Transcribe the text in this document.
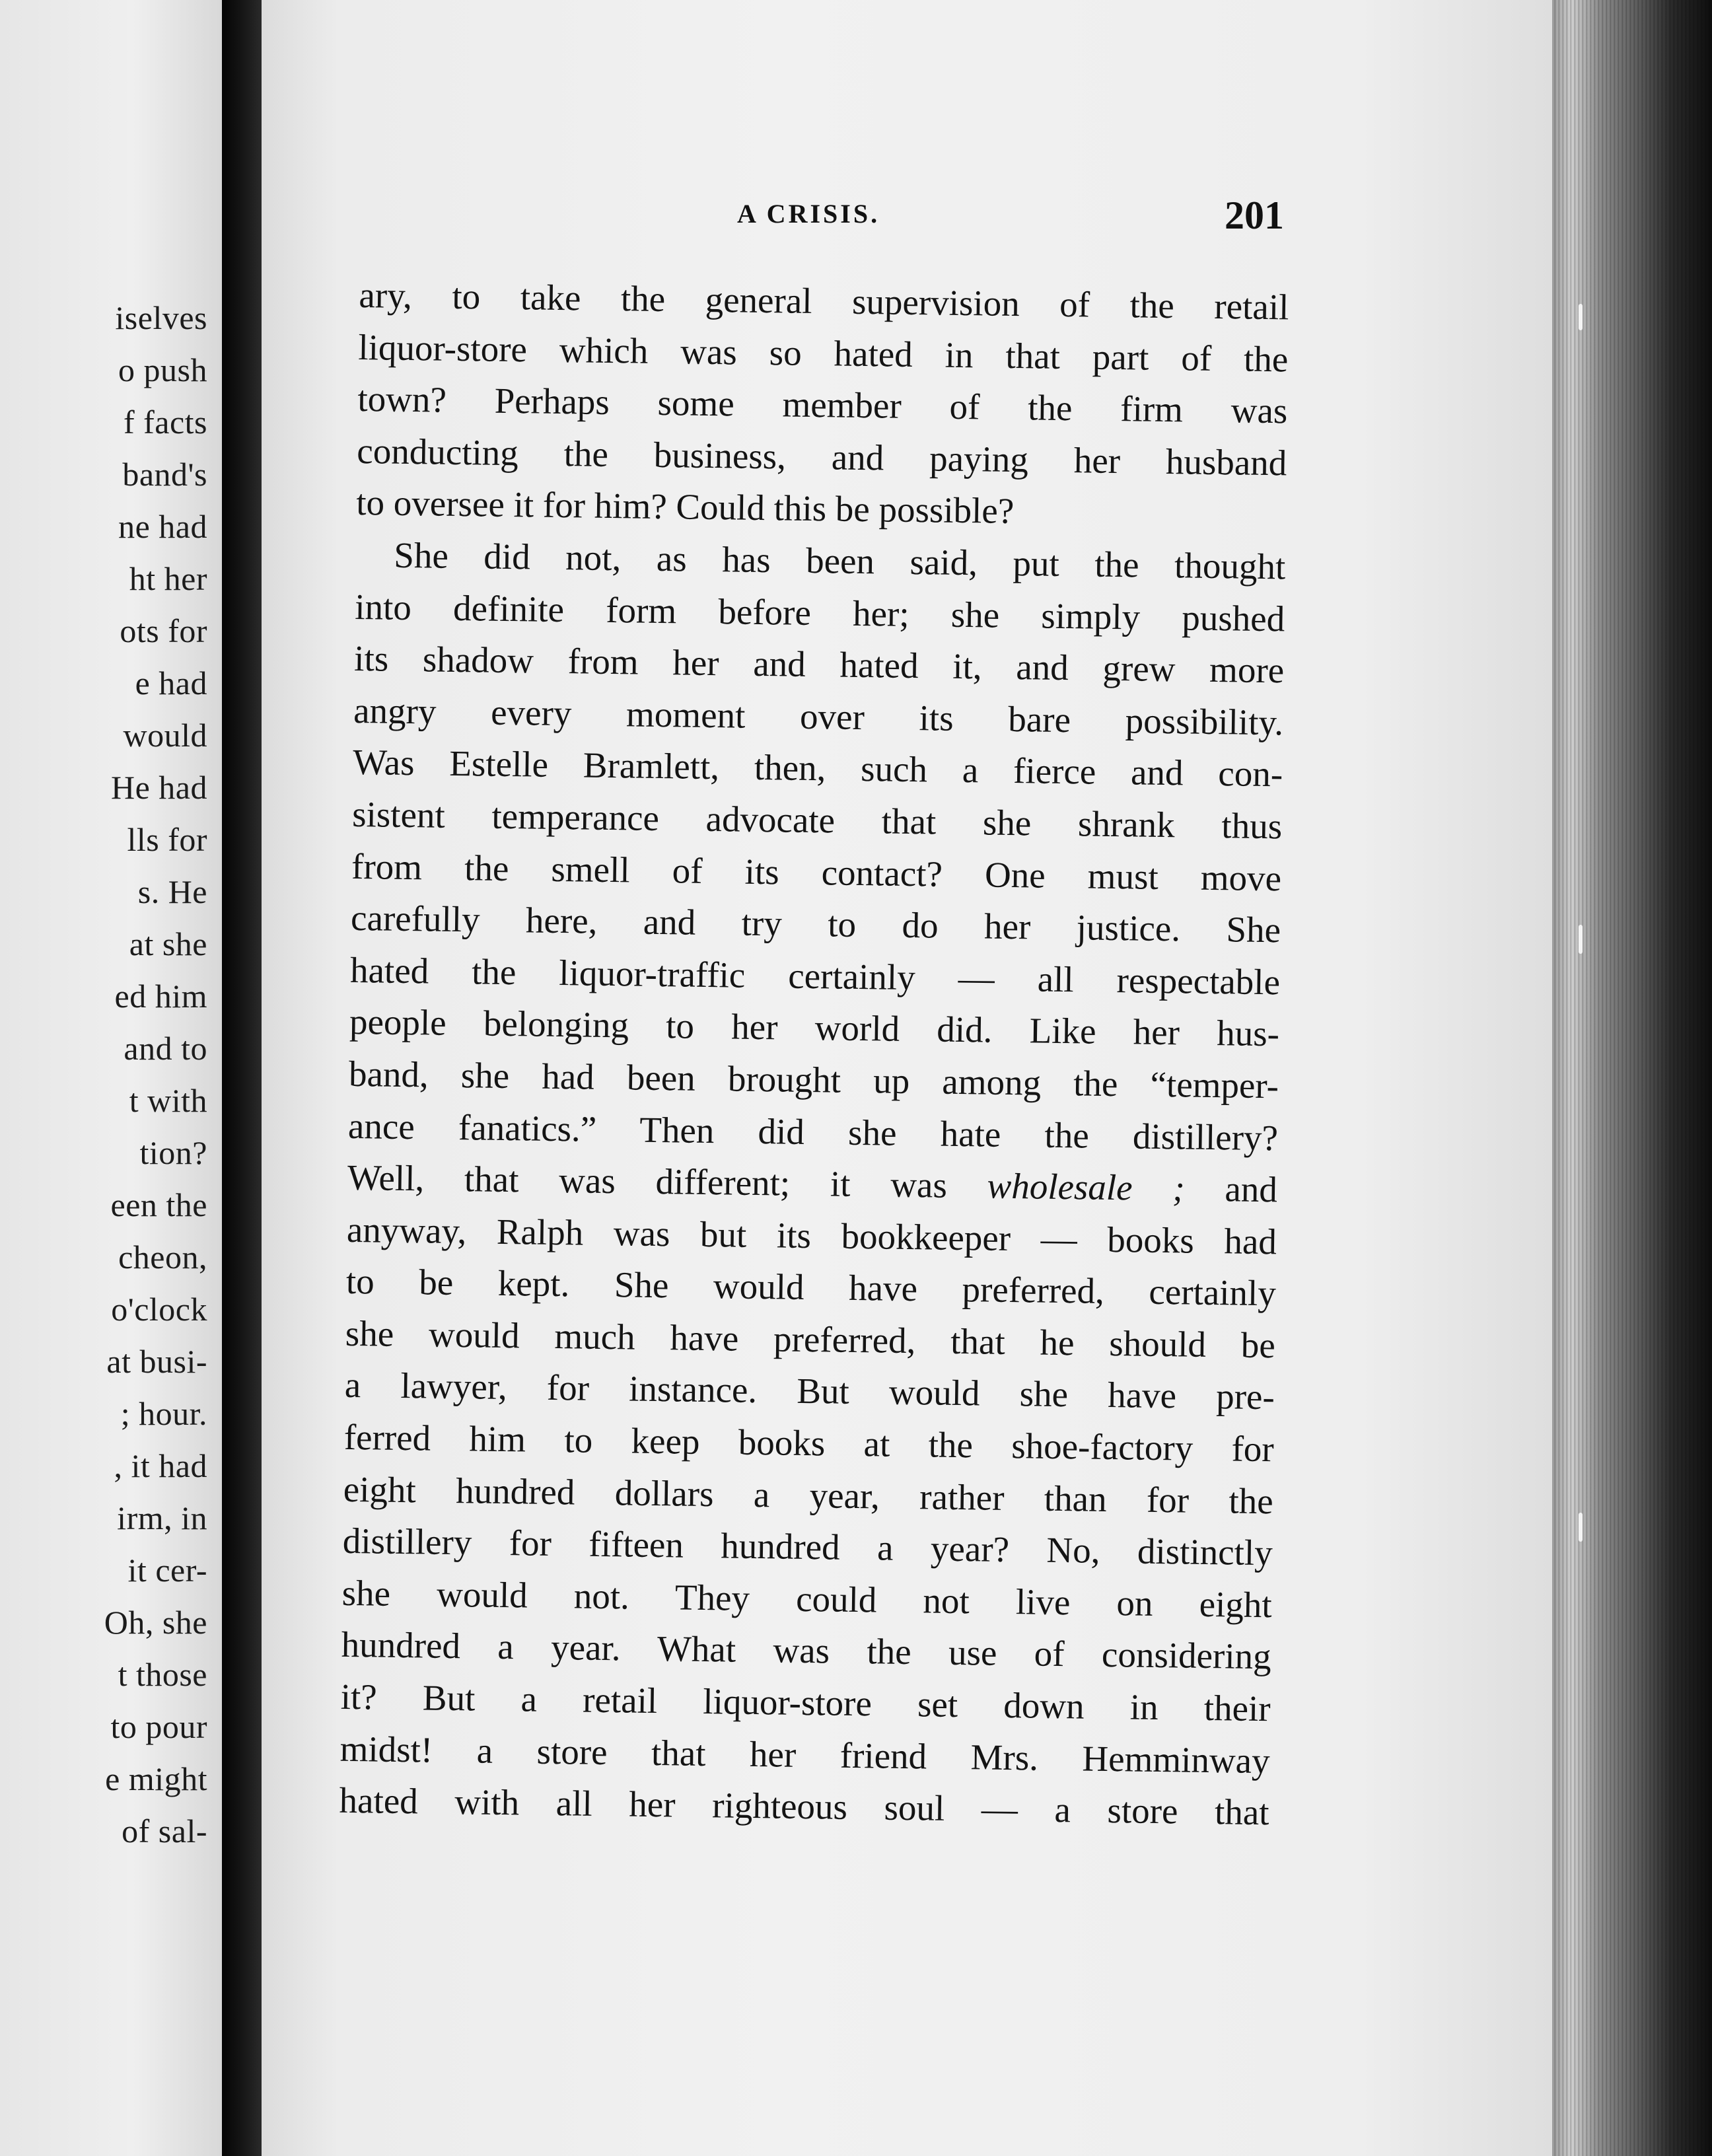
iselves
o push
f facts
band's
ne had
ht her
ots for
e had
would
He had
lls for
s. He
at she
ed him
and to
t with
tion?
een the
cheon,
o'clock
at busi-
; hour.
, it had
irm, in
it cer-
Oh, she
t those
to pour
e might
of sal-
A CRISIS.	201
ary, to take the general supervision of the retail
liquor-store which was so hated in that part of the
town? Perhaps some member of the firm was
conducting the business, and paying her husband
to oversee it for him? Could this be possible?
She did not, as has been said, put the thought
into definite form before her; she simply pushed
its shadow from her and hated it, and grew more
angry every moment over its bare possibility.
Was Estelle Bramlett, then, such a fierce and con-
sistent temperance advocate that she shrank thus
from the smell of its contact? One must move
carefully here, and try to do her justice. She
hated the liquor-traffic certainly — all respectable
people belonging to her world did. Like her hus-
band, she had been brought up among the “temper-
ance fanatics.” Then did she hate the distillery?
Well, that was different; it was wholesale ; and
anyway, Ralph was but its bookkeeper — books had
to be kept. She would have preferred, certainly
she would much have preferred, that he should be
a lawyer, for instance. But would she have pre-
ferred him to keep books at the shoe-factory for
eight hundred dollars a year, rather than for the
distillery for fifteen hundred a year? No, distinctly
she would not. They could not live on eight
hundred a year. What was the use of considering
it? But a retail liquor-store set down in their
midst! a store that her friend Mrs. Hemminway
hated with all her righteous soul — a store that
